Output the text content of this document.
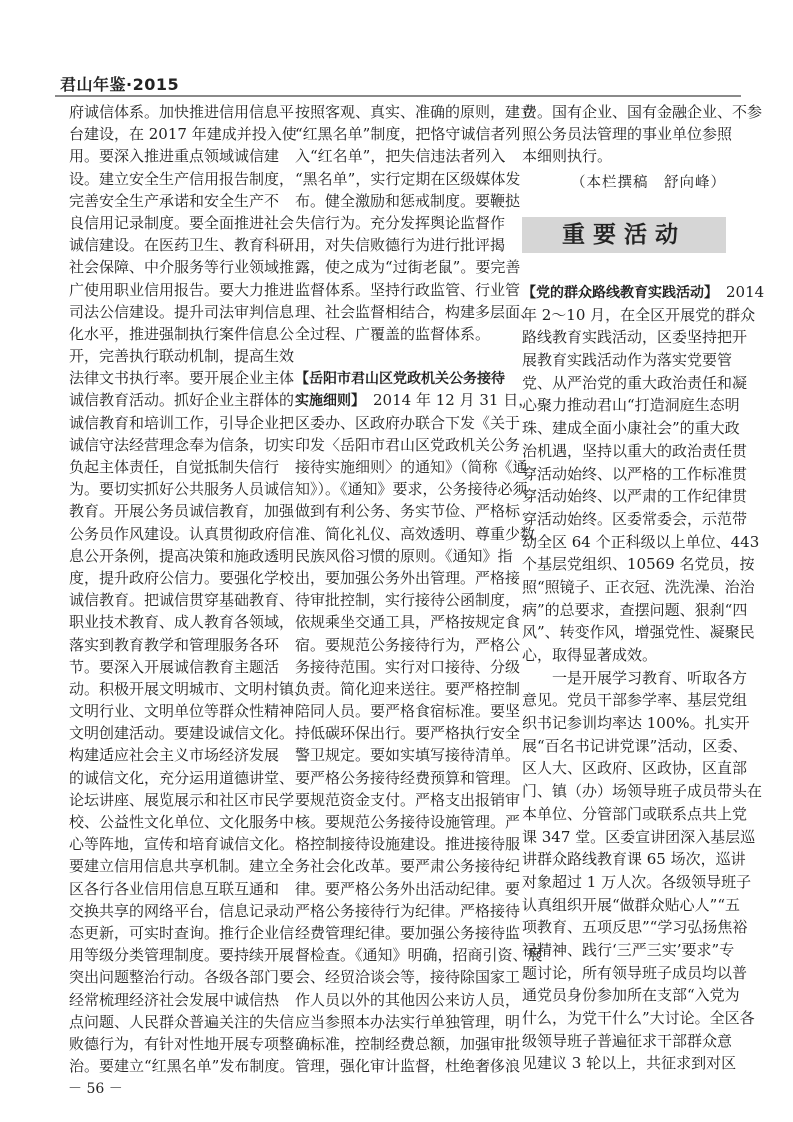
君山年鉴·2015
府诚信体系。加快推进信用信息平
台建设，在 2017 年建成并投入使
用。要深入推进重点领域诚信建
设。建立安全生产信用报告制度，
完善安全生产承诺和安全生产不
良信用记录制度。要全面推进社会
诚信建设。在医药卫生、教育科研、
社会保障、中介服务等行业领域推
广使用职业信用报告。要大力推进
司法公信建设。提升司法审判信息
化水平，推进强制执行案件信息公
开，完善执行联动机制，提高生效
法律文书执行率。要开展企业主体
诚信教育活动。抓好企业主群体的
诚信教育和培训工作，引导企业把
诚信守法经营理念奉为信条，切实
负起主体责任，自觉抵制失信行
为。要切实抓好公共服务人员诚信
教育。开展公务员诚信教育，加强
公务员作风建设。认真贯彻政府信
息公开条例，提高决策和施政透明
度，提升政府公信力。要强化学校
诚信教育。把诚信贯穿基础教育、
职业技术教育、成人教育各领域，
落实到教育教学和管理服务各环
节。要深入开展诚信教育主题活
动。积极开展文明城市、文明村镇、
文明行业、文明单位等群众性精神
文明创建活动。要建设诚信文化。
构建适应社会主义市场经济发展
的诚信文化，充分运用道德讲堂、
论坛讲座、展览展示和社区市民学
校、公益性文化单位、文化服务中
心等阵地，宣传和培育诚信文化。
要建立信用信息共享机制。建立全
区各行各业信用信息互联互通和
交换共享的网络平台，信息记录动
态更新，可实时查询。推行企业信
用等级分类管理制度。要持续开展
突出问题整治行动。各级各部门要
经常梳理经济社会发展中诚信热
点问题、人民群众普遍关注的失信
败德行为，有针对性地开展专项整
治。要建立“红黑名单”发布制度。
按照客观、真实、准确的原则，建立
“红黑名单”制度，把恪守诚信者列
入“红名单”，把失信违法者列入
“黑名单”，实行定期在区级媒体发
布。健全激励和惩戒制度。要鞭挞
失信行为。充分发挥舆论监督作
用，对失信败德行为进行批评揭
露，使之成为“过街老鼠”。要完善
监督体系。坚持行政监管、行业管
理、社会监督相结合，构建多层面、
全过程、广覆盖的监督体系。
【岳阳市君山区党政机关公务接待
实施细则】　2014 年 12 月 31 日，
区委办、区政府办联合下发《关于
印发〈岳阳市君山区党政机关公务
接待实施细则〉的通知》（简称《通
知》）。《通知》要求，公务接待必须
做到有利公务、务实节俭、严格标
准、简化礼仪、高效透明、尊重少数
民族风俗习惯的原则。《通知》指
出，要加强公务外出管理。严格接
待审批控制，实行接待公函制度，
依规乘坐交通工具，严格按规定食
宿。要规范公务接待行为，严格公
务接待范围。实行对口接待、分级
负责。简化迎来送往。要严格控制
陪同人员。要严格食宿标准。要坚
持低碳环保出行。要严格执行安全
警卫规定。要如实填写接待清单。
要严格公务接待经费预算和管理。
要规范资金支付。严格支出报销审
核。要规范公务接待设施管理。严
格控制接待设施建设。推进接待服
务社会化改革。要严肃公务接待纪
律。要严格公务外出活动纪律。要
严格公务接待行为纪律。严格接待
经费管理纪律。要加强公务接待监
督检查。《通知》明确，招商引资、展
会、经贸洽谈会等，接待除国家工
作人员以外的其他因公来访人员，
应当参照本办法实行单独管理，明
确标准，控制经费总额，加强审批
管理，强化审计监督，杜绝奢侈浪
费。国有企业、国有金融企业、不参
照公务员法管理的事业单位参照
本细则执行。
（本栏撰稿　舒向峰）
重要活动
【党的群众路线教育实践活动】　2014
年 2～10 月，在全区开展党的群众
路线教育实践活动，区委坚持把开
展教育实践活动作为落实党要管
党、从严治党的重大政治责任和凝
心聚力推动君山“打造洞庭生态明
珠、建成全面小康社会”的重大政
治机遇，坚持以重大的政治责任贯
穿活动始终、以严格的工作标准贯
穿活动始终、以严肃的工作纪律贯
穿活动始终。区委常委会，示范带
动全区 64 个正科级以上单位、443
个基层党组织、10569 名党员，按
照“照镜子、正衣冠、洗洗澡、治治
病”的总要求，查摆问题、狠刹“四
风”、转变作风，增强党性、凝聚民
心，取得显著成效。
　　一是开展学习教育、听取各方
意见。党员干部参学率、基层党组
织书记参训均率达 100%。扎实开
展“百名书记讲党课”活动，区委、
区人大、区政府、区政协，区直部
门、镇（办）场领导班子成员带头在
本单位、分管部门或联系点共上党
课 347 堂。区委宣讲团深入基层巡
讲群众路线教育课 65 场次，巡讲
对象超过 1 万人次。各级领导班子
认真组织开展“做群众贴心人”“五
项教育、五项反思”“学习弘扬焦裕
禄精神、践行‘三严三实’要求”专
题讨论，所有领导班子成员均以普
通党员身份参加所在支部“入党为
什么，为党干什么”大讨论。全区各
级领导班子普遍征求干部群众意
见建议 3 轮以上，共征求到对区
－ 56 －
